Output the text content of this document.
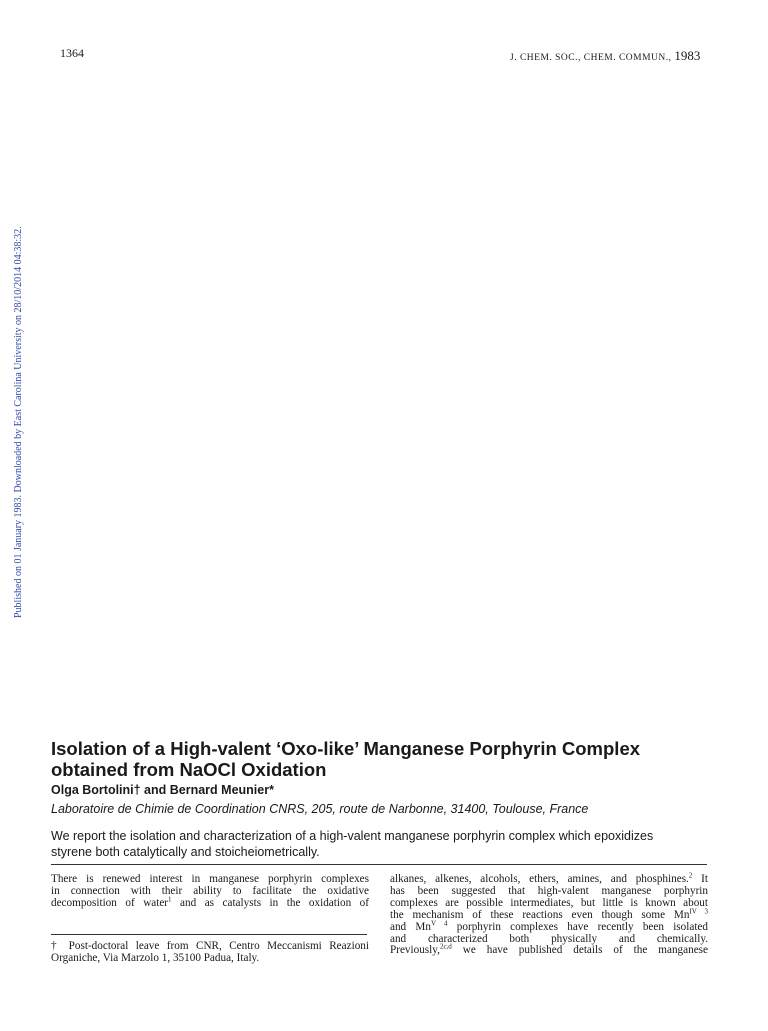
1364	J. CHEM. SOC., CHEM. COMMUN., 1983
Published on 01 January 1983. Downloaded by East Carolina University on 28/10/2014 04:38:32.
Isolation of a High-valent ‘Oxo-like’ Manganese Porphyrin Complex
obtained from NaOCl Oxidation
Olga Bortolini† and Bernard Meunier*
Laboratoire de Chimie de Coordination CNRS, 205, route de Narbonne, 31400, Toulouse, France
We report the isolation and characterization of a high-valent manganese porphyrin complex which epoxidizes
styrene both catalytically and stoicheiometrically.
There is renewed interest in manganese porphyrin complexes
in connection with their ability to facilitate the oxidative
decomposition of water$^1$ and as catalysts in the oxidation of
† Post-doctoral leave from CNR, Centro Meccanismi Reazioni
Organiche, Via Marzolo 1, 35100 Padua, Italy.
alkanes, alkenes, alcohols, ethers, amines, and phosphines.$^2$ It
has been suggested that high-valent manganese porphyrin
complexes are possible intermediates, but little is known about
the mechanism of these reactions even though some $Mn^{IV 3}$
and $Mn^{V 4}$ porphyrin complexes have recently been isolated
and characterized both physically and chemically.
Previously,$^{2c,d}$ we have published details of the manganese
